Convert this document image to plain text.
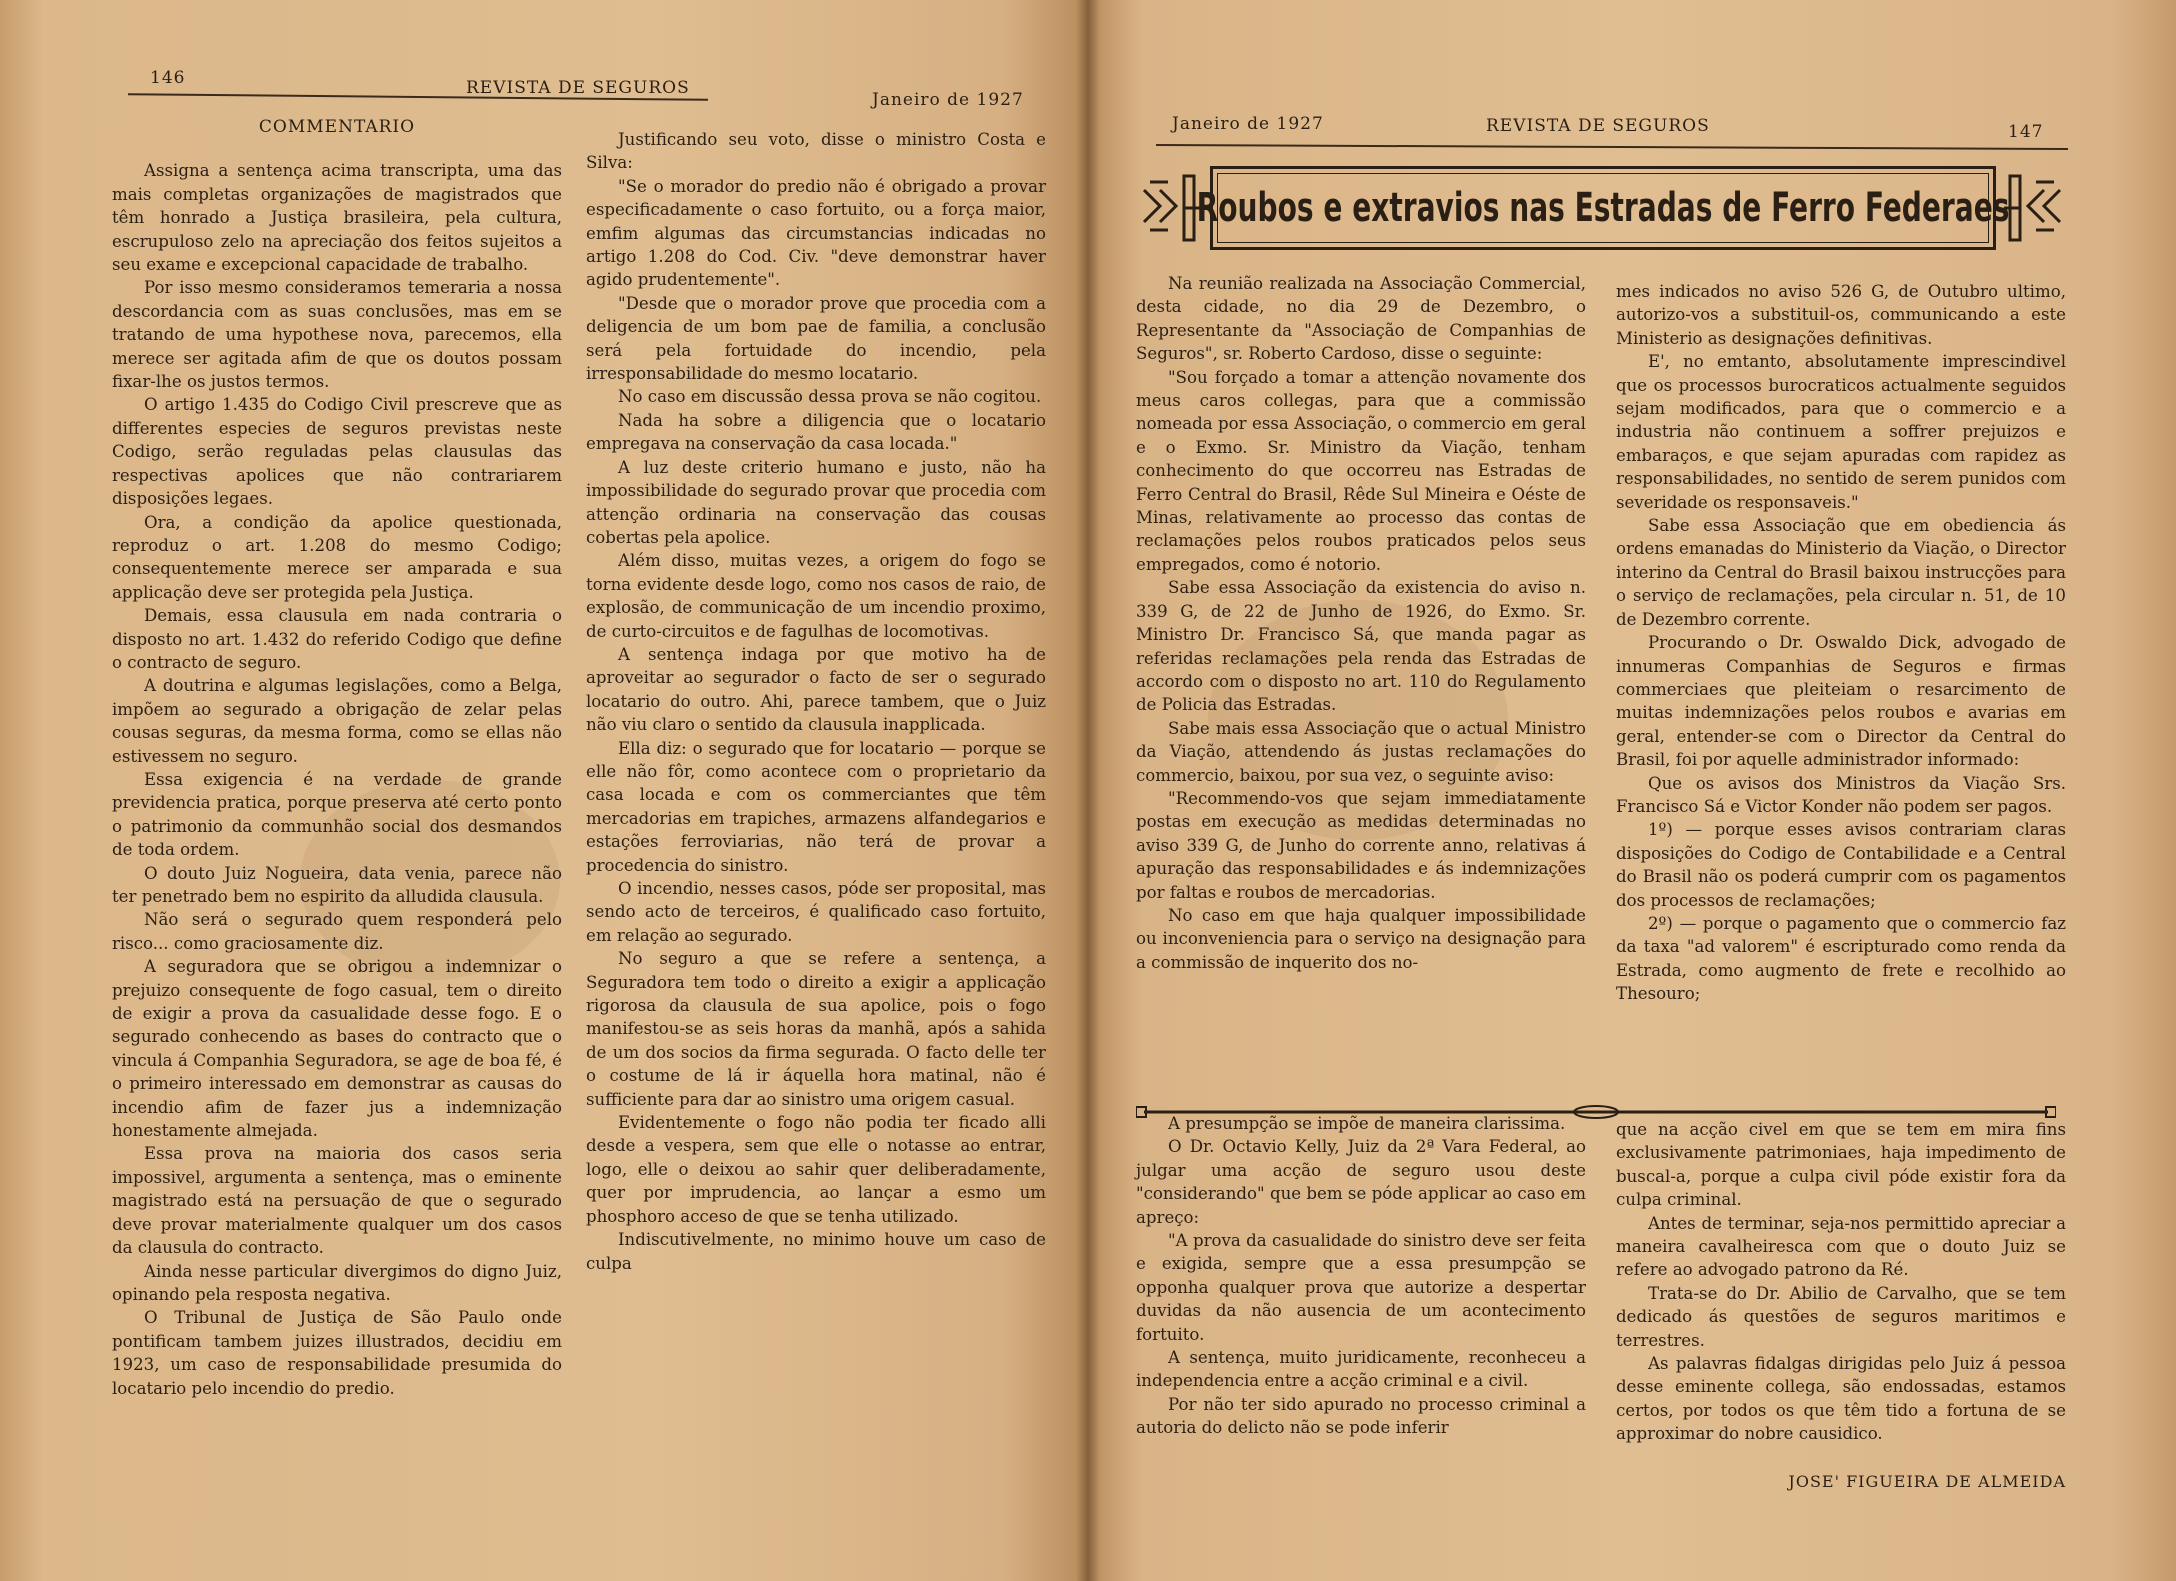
146	REVISTA DE SEGUROS
Janeiro de 1927

COMMENTARIO

Assigna a sentença acima transcripta, uma das mais completas organizações de magistrados que têm honrado a Justiça brasileira, pela cultura, escrupuloso zelo na apreciação dos feitos sujeitos a seu exame e excepcional capacidade de trabalho.

Por isso mesmo consideramos temeraria a nossa descordancia com as suas conclusões, mas em se tratando de uma hypothese nova, parecemos, ella merece ser agitada afim de que os doutos possam fixar-lhe os justos termos.

O artigo 1.435 do Codigo Civil prescreve que as differentes especies de seguros previstas neste Codigo, serão reguladas pelas clausulas das respectivas apolices que não contrariarem disposições legaes.

Ora, a condição da apolice questionada, reproduz o art. 1.208 do mesmo Codigo; consequentemente merece ser amparada e sua applicação deve ser protegida pela Justiça.

Demais, essa clausula em nada contraria o disposto no art. 1.432 do referido Codigo que define o contracto de seguro.

A doutrina e algumas legislações, como a Belga, impõem ao segurado a obrigação de zelar pelas cousas seguras, da mesma forma, como se ellas não estivessem no seguro.

Essa exigencia é na verdade de grande previdencia pratica, porque preserva até certo ponto o patrimonio da communhão social dos desmandos de toda ordem.

O douto Juiz Nogueira, data venia, parece não ter penetrado bem no espirito da alludida clausula.

Não será o segurado quem responderá pelo risco... como graciosamente diz.

A seguradora que se obrigou a indemnizar o prejuizo consequente de fogo casual, tem o direito de exigir a prova da casualidade desse fogo. E o segurado conhecendo as bases do contracto que o vincula á Companhia Seguradora, se age de boa fé, é o primeiro interessado em demonstrar as causas do incendio afim de fazer jus a indemnização honestamente almejada.

Essa prova na maioria dos casos seria impossivel, argumenta a sentença, mas o eminente magistrado está na persuação de que o segurado deve provar materialmente qualquer um dos casos da clausula do contracto.

Ainda nesse particular divergimos do digno Juiz, opinando pela resposta negativa.

O Tribunal de Justiça de São Paulo onde pontificam tambem juizes illustrados, decidiu em 1923, um caso de responsabilidade presumida do locatario pelo incendio do predio.

Justificando seu voto, disse o ministro Costa e Silva:

"Se o morador do predio não é obrigado a provar especificadamente o caso fortuito, ou a força maior, emfim algumas das circumstancias indicadas no artigo 1.208 do Cod. Civ. "deve demonstrar haver agido prudentemente".

"Desde que o morador prove que procedia com a deligencia de um bom pae de familia, a conclusão será pela fortuidade do incendio, pela irresponsabilidade do mesmo locatario.

No caso em discussão dessa prova se não cogitou.

Nada ha sobre a diligencia que o locatario empregava na conservação da casa locada."

A luz deste criterio humano e justo, não ha impossibilidade do segurado provar que procedia com attenção ordinaria na conservação das cousas cobertas pela apolice.

Além disso, muitas vezes, a origem do fogo se torna evidente desde logo, como nos casos de raio, de explosão, de communicação de um incendio proximo, de curto-circuitos e de fagulhas de locomotivas.

A sentença indaga por que motivo ha de aproveitar ao segurador o facto de ser o segurado locatario do outro. Ahi, parece tambem, que o Juiz não viu claro o sentido da clausula inapplicada.

Ella diz: o segurado que for locatario — porque se elle não fôr, como acontece com o proprietario da casa locada e com os commerciantes que têm mercadorias em trapiches, armazens alfandegarios e estações ferroviarias, não terá de provar a procedencia do sinistro.

O incendio, nesses casos, póde ser proposital, mas sendo acto de terceiros, é qualificado caso fortuito, em relação ao segurado.

No seguro a que se refere a sentença, a Seguradora tem todo o direito a exigir a applicação rigorosa da clausula de sua apolice, pois o fogo manifestou-se as seis horas da manhã, após a sahida de um dos socios da firma segurada. O facto delle ter o costume de lá ir áquella hora matinal, não é sufficiente para dar ao sinistro uma origem casual.

Evidentemente o fogo não podia ter ficado alli desde a vespera, sem que elle o notasse ao entrar, logo, elle o deixou ao sahir quer deliberadamente, quer por imprudencia, ao lançar a esmo um phosphoro acceso de que se tenha utilizado.

Indiscutivelmente, no minimo houve um caso de culpa

Janeiro de 1927	REVISTA DE SEGUROS	147
Roubos e extravios nas Estradas de Ferro Federaes

Na reunião realizada na Associação Commercial, desta cidade, no dia 29 de Dezembro, o Representante da "Associação de Companhias de Seguros", sr. Roberto Cardoso, disse o seguinte:

"Sou forçado a tomar a attenção novamente dos meus caros collegas, para que a commissão nomeada por essa Associação, o commercio em geral e o Exmo. Sr. Ministro da Viação, tenham conhecimento do que occorreu nas Estradas de Ferro Central do Brasil, Rêde Sul Mineira e Oéste de Minas, relativamente ao processo das contas de reclamações pelos roubos praticados pelos seus empregados, como é notorio.

Sabe essa Associação da existencia do aviso n. 339 G, de 22 de Junho de 1926, do Exmo. Sr. Ministro Dr. Francisco Sá, que manda pagar as referidas reclamações pela renda das Estradas de accordo com o disposto no art. 110 do Regulamento de Policia das Estradas.

Sabe mais essa Associação que o actual Ministro da Viação, attendendo ás justas reclamações do commercio, baixou, por sua vez, o seguinte aviso:

"Recommendo-vos que sejam immediatamente postas em execução as medidas determinadas no aviso 339 G, de Junho do corrente anno, relativas á apuração das responsabilidades e ás indemnizações por faltas e roubos de mercadorias.

No caso em que haja qualquer impossibilidade ou inconveniencia para o serviço na designação para a commissão de inquerito dos no-

mes indicados no aviso 526 G, de Outubro ultimo, autorizo-vos a substituil-os, communicando a este Ministerio as designações definitivas.

E', no emtanto, absolutamente imprescindivel que os processos burocraticos actualmente seguidos sejam modificados, para que o commercio e a industria não continuem a soffrer prejuizos e embaraços, e que sejam apuradas com rapidez as responsabilidades, no sentido de serem punidos com severidade os responsaveis."

Sabe essa Associação que em obediencia ás ordens emanadas do Ministerio da Viação, o Director interino da Central do Brasil baixou instrucções para o serviço de reclamações, pela circular n. 51, de 10 de Dezembro corrente.

Procurando o Dr. Oswaldo Dick, advogado de innumeras Companhias de Seguros e firmas commerciaes que pleiteiam o resarcimento de muitas indemnizações pelos roubos e avarias em geral, entender-se com o Director da Central do Brasil, foi por aquelle administrador informado:

Que os avisos dos Ministros da Viação Srs. Francisco Sá e Victor Konder não podem ser pagos.

1º) — porque esses avisos contrariam claras disposições do Codigo de Contabilidade e a Central do Brasil não os poderá cumprir com os pagamentos dos processos de reclamações;

2º) — porque o pagamento que o commercio faz da taxa "ad valorem" é escripturado como renda da Estrada, como augmento de frete e recolhido ao Thesouro;

A presumpção se impõe de maneira clarissima.

O Dr. Octavio Kelly, Juiz da 2ª Vara Federal, ao julgar uma acção de seguro usou deste "considerando" que bem se póde applicar ao caso em apreço:

"A prova da casualidade do sinistro deve ser feita e exigida, sempre que a essa presumpção se opponha qualquer prova que autorize a despertar duvidas da não ausencia de um acontecimento fortuito.

A sentença, muito juridicamente, reconheceu a independencia entre a acção criminal e a civil.

Por não ter sido apurado no processo criminal a autoria do delicto não se pode inferir

que na acção civel em que se tem em mira fins exclusivamente patrimoniaes, haja impedimento de buscal-a, porque a culpa civil póde existir fora da culpa criminal.

Antes de terminar, seja-nos permittido apreciar a maneira cavalheiresca com que o douto Juiz se refere ao advogado patrono da Ré.

Trata-se do Dr. Abilio de Carvalho, que se tem dedicado ás questões de seguros maritimos e terrestres.

As palavras fidalgas dirigidas pelo Juiz á pessoa desse eminente collega, são endossadas, estamos certos, por todos os que têm tido a fortuna de se approximar do nobre causidico.

JOSE' FIGUEIRA DE ALMEIDA
